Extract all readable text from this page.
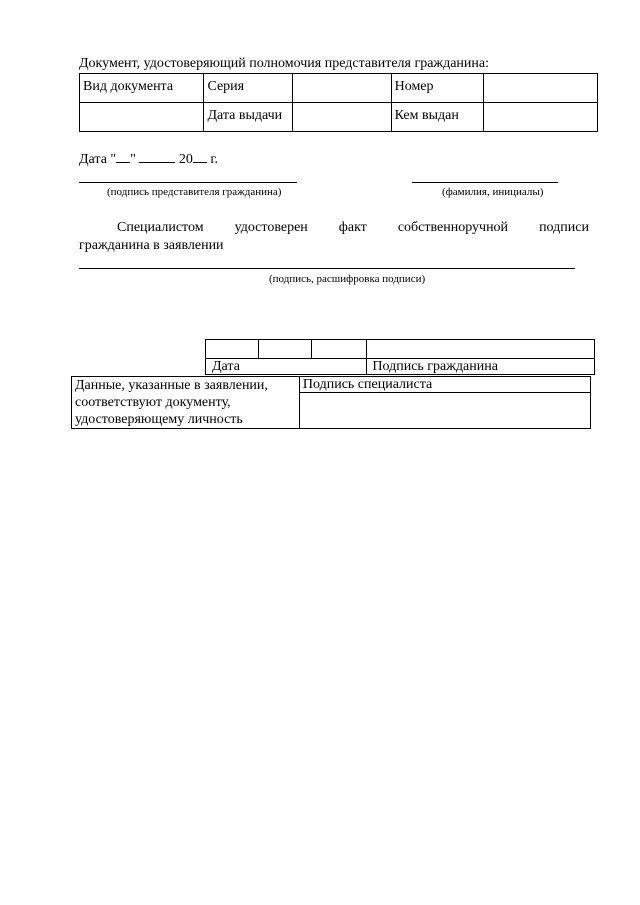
Документ, удостоверяющий полномочия представителя гражданина:
Вид документа	Серия		Номер	
	Дата выдачи		Кем выдан	
Дата " "	20 г.
(подпись представителя гражданина)	(фамилия, инициалы)
Специалистом удостоверен факт собственноручной подписи
гражданина в заявлении
(подпись, расшифровка подписи)

Дата			Подпись гражданина
Данные, указанные в заявлении,
соответствуют документу,
удостоверяющему личность
	Подпись специалиста
